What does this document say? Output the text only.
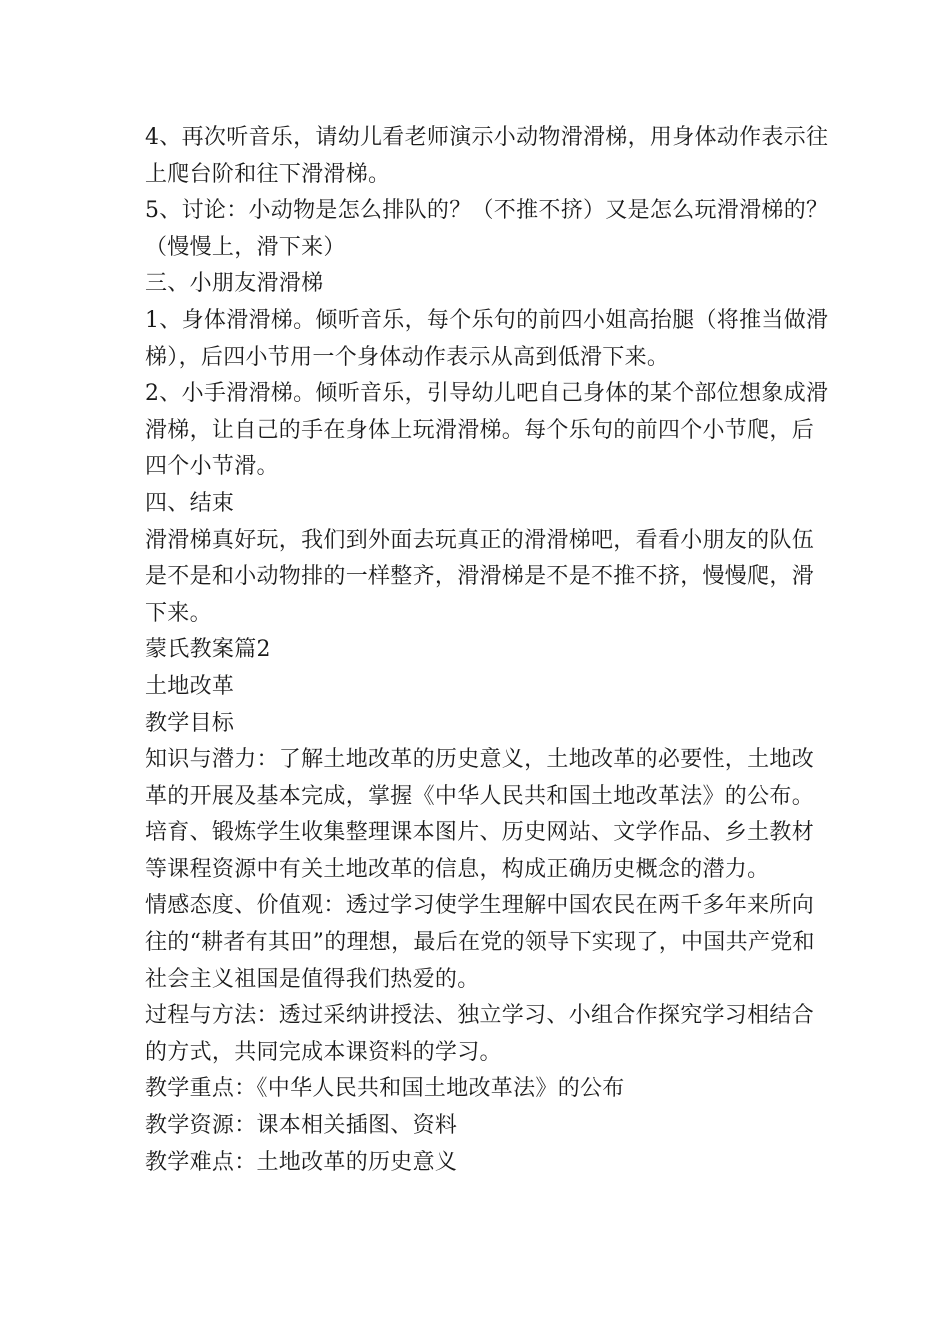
4、再次听音乐，请幼儿看老师演示小动物滑滑梯，用身体动作表示往上爬台阶和往下滑滑梯。

5、讨论：小动物是怎么排队的？（不推不挤）又是怎么玩滑滑梯的？（慢慢上，滑下来）

三、小朋友滑滑梯

1、身体滑滑梯。倾听音乐，每个乐句的前四小姐高抬腿（将推当做滑梯），后四小节用一个身体动作表示从高到低滑下来。

2、小手滑滑梯。倾听音乐，引导幼儿吧自己身体的某个部位想象成滑滑梯，让自己的手在身体上玩滑滑梯。每个乐句的前四个小节爬，后四个小节滑。

四、结束

滑滑梯真好玩，我们到外面去玩真正的滑滑梯吧，看看小朋友的队伍是不是和小动物排的一样整齐，滑滑梯是不是不推不挤，慢慢爬，滑下来。

蒙氏教案篇2

土地改革

教学目标

知识与潜力：了解土地改革的历史意义，土地改革的必要性，土地改革的开展及基本完成，掌握《中华人民共和国土地改革法》的公布。

培育、锻炼学生收集整理课本图片、历史网站、文学作品、乡土教材等课程资源中有关土地改革的信息，构成正确历史概念的潜力。

情感态度、价值观：透过学习使学生理解中国农民在两千多年来所向往的“耕者有其田”的理想，最后在党的领导下实现了，中国共产党和社会主义祖国是值得我们热爱的。

过程与方法：透过采纳讲授法、独立学习、小组合作探究学习相结合的方式，共同完成本课资料的学习。

教学重点：《中华人民共和国土地改革法》的公布

教学资源：课本相关插图、资料

教学难点：土地改革的历史意义
